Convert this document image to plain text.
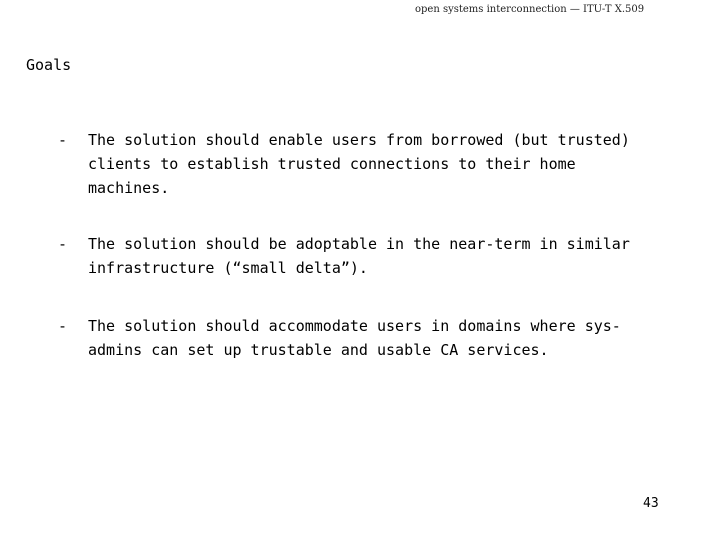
open systems interconnection — ITU-T X.509
Goals
- The solution should enable users from borrowed (but trusted) clients to establish trusted connections to their home machines.
- The solution should be adoptable in the near-term in similar infrastructure (“small delta”).
- The solution should accommodate users in domains where sys-admins can set up trustable and usable CA services.
43
